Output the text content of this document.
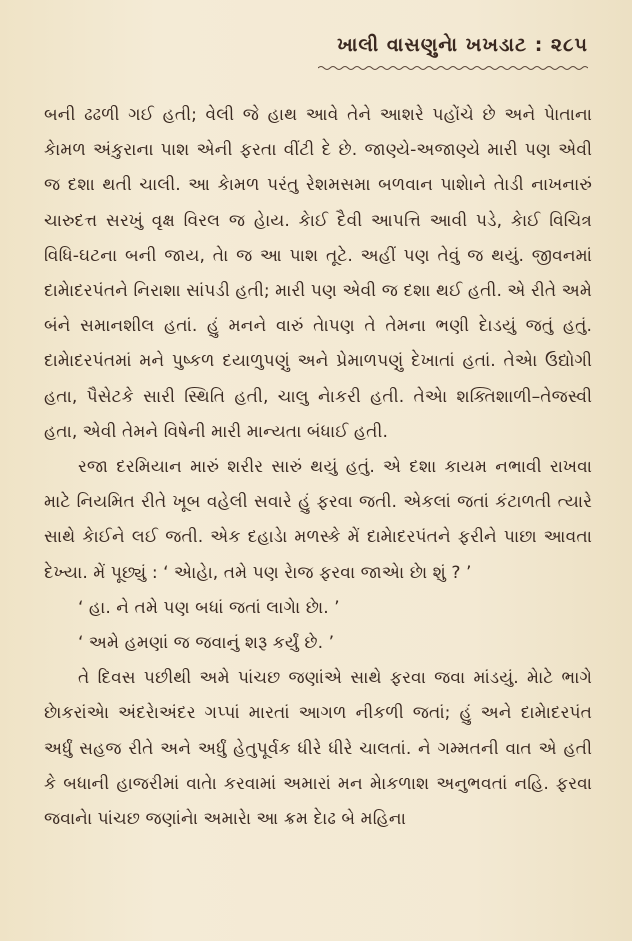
ખાલી વાસણુનેા ખખડાટ : ૨૮૫

બની ઢઢળી ગઈ હતી; વેલી જે હાથ આવે તેને આશરે પહોંચે છે અને પેાતાના કેામળ અંકુરાના પાશ એની ફરતા વીંટી દે છે. જાણ્યે-અજાણ્યે મારી પણ એવી જ દશા થતી ચાલી. આ કેામળ પરંતુ રેશમસમા બળવાન પાશેાને તેાડી નાખનારું ચારુદત્ત સરખું વૃક્ષ વિરલ જ હેાય. કેાઈ દૈવી આપત્તિ આવી પડે, કેાઈ વિચિત્ર વિધિ-ઘટના બની જાય, તેા જ આ પાશ તૂટે. અહીં પણ તેવું જ થયું. જીવનમાં દામેાદરપંતને નિરાશા સાંપડી હતી; મારી પણ એવી જ દશા થઈ હતી. એ રીતે અમે બંને સમાનશીલ હતાં. હું મનને વારું તેાપણ તે તેમના ભણી દેાડયું જતું હતું. દામેાદરપંતમાં મને પુષ્કળ દયાળુપણું અને પ્રેમાળપણું દેખાતાં હતાં. તેએા ઉદ્યોગી હતા, પૈસેટકે સારી સ્થિતિ હતી, ચાલુ નેાકરી હતી. તેએા શક્તિશાળી–તેજસ્વી હતા, એવી તેમને વિષેની મારી માન્યતા બંધાઈ હતી.

રજા દરમિયાન મારું શરીર સારું થયું હતું. એ દશા કાયમ નભાવી રાખવા માટે નિયમિત રીતે ખૂબ વહેલી સવારે હું ફરવા જતી. એકલાં જતાં કંટાળતી ત્યારે સાથે કેાઈને લઈ જતી. એક દહાડેા મળસ્કે મેં દામેાદરપંતને ફરીને પાછા આવતા દેખ્યા. મેં પૂછ્યું : ‘ એાહેા, તમે પણ રેાજ ફરવા જાએા છેા શું ? ’

‘ હા. ને તમે પણ બધાં જતાં લાગેા છેા. ’

‘ અમે હમણાં જ જવાનું શરૂ કર્યું છે. ’

તે દિવસ પછીથી અમે પાંચછ જણાંએ સાથે ફરવા જવા માંડયું. મેાટે ભાગે છેાકરાંએા અંદરેાઅંદર ગપ્પાં મારતાં આગળ નીકળી જતાં; હું અને દામેાદરપંત અર્ધું સહજ રીતે અને અર્ધું હેતુપૂર્વક ધીરે ધીરે ચાલતાં. ને ગમ્મતની વાત એ હતી કે બધાની હાજરીમાં વાતેા કરવામાં અમારાં મન મેાકળાશ અનુભવતાં નહિ. ફરવા જવાનેા પાંચછ જણાંનેા અમારેા આ ક્રમ દેાઢ બે મહિના
